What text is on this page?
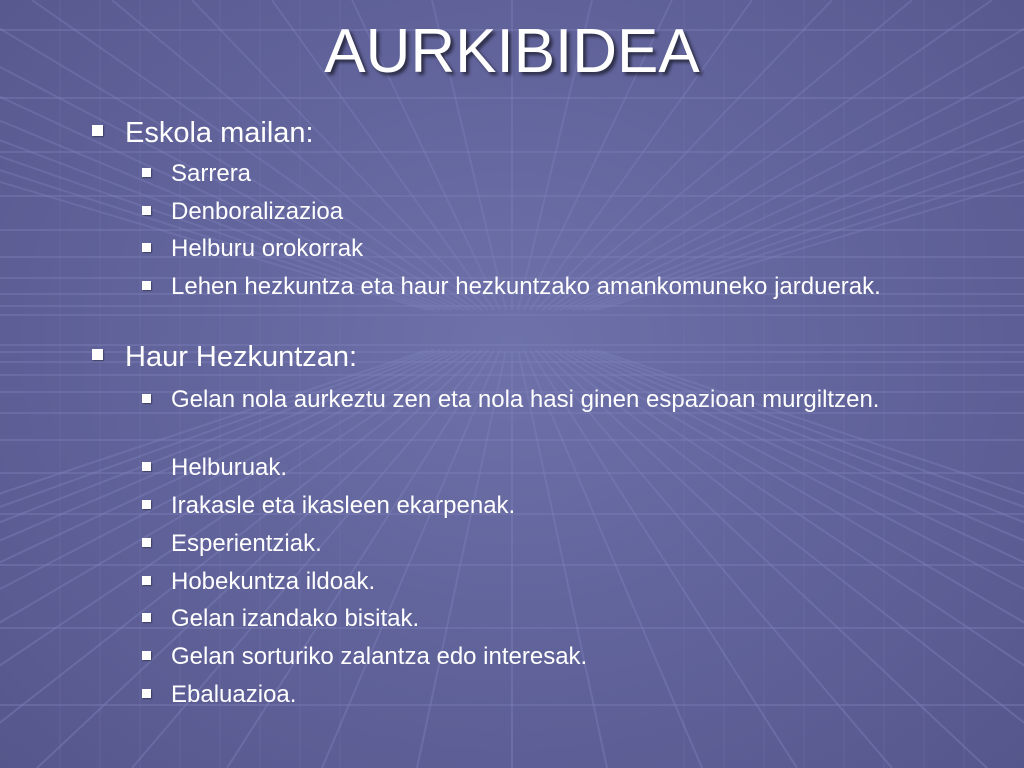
AURKIBIDEA
Eskola mailan:
Sarrera
Denboralizazioa
Helburu orokorrak
Lehen hezkuntza eta haur hezkuntzako amankomuneko jarduerak.
Haur Hezkuntzan:
Gelan nola aurkeztu zen eta nola hasi ginen espazioan murgiltzen.
Helburuak.
Irakasle eta ikasleen ekarpenak.
Esperientziak.
Hobekuntza ildoak.
Gelan izandako bisitak.
Gelan sorturiko zalantza edo interesak.
Ebaluazioa.
